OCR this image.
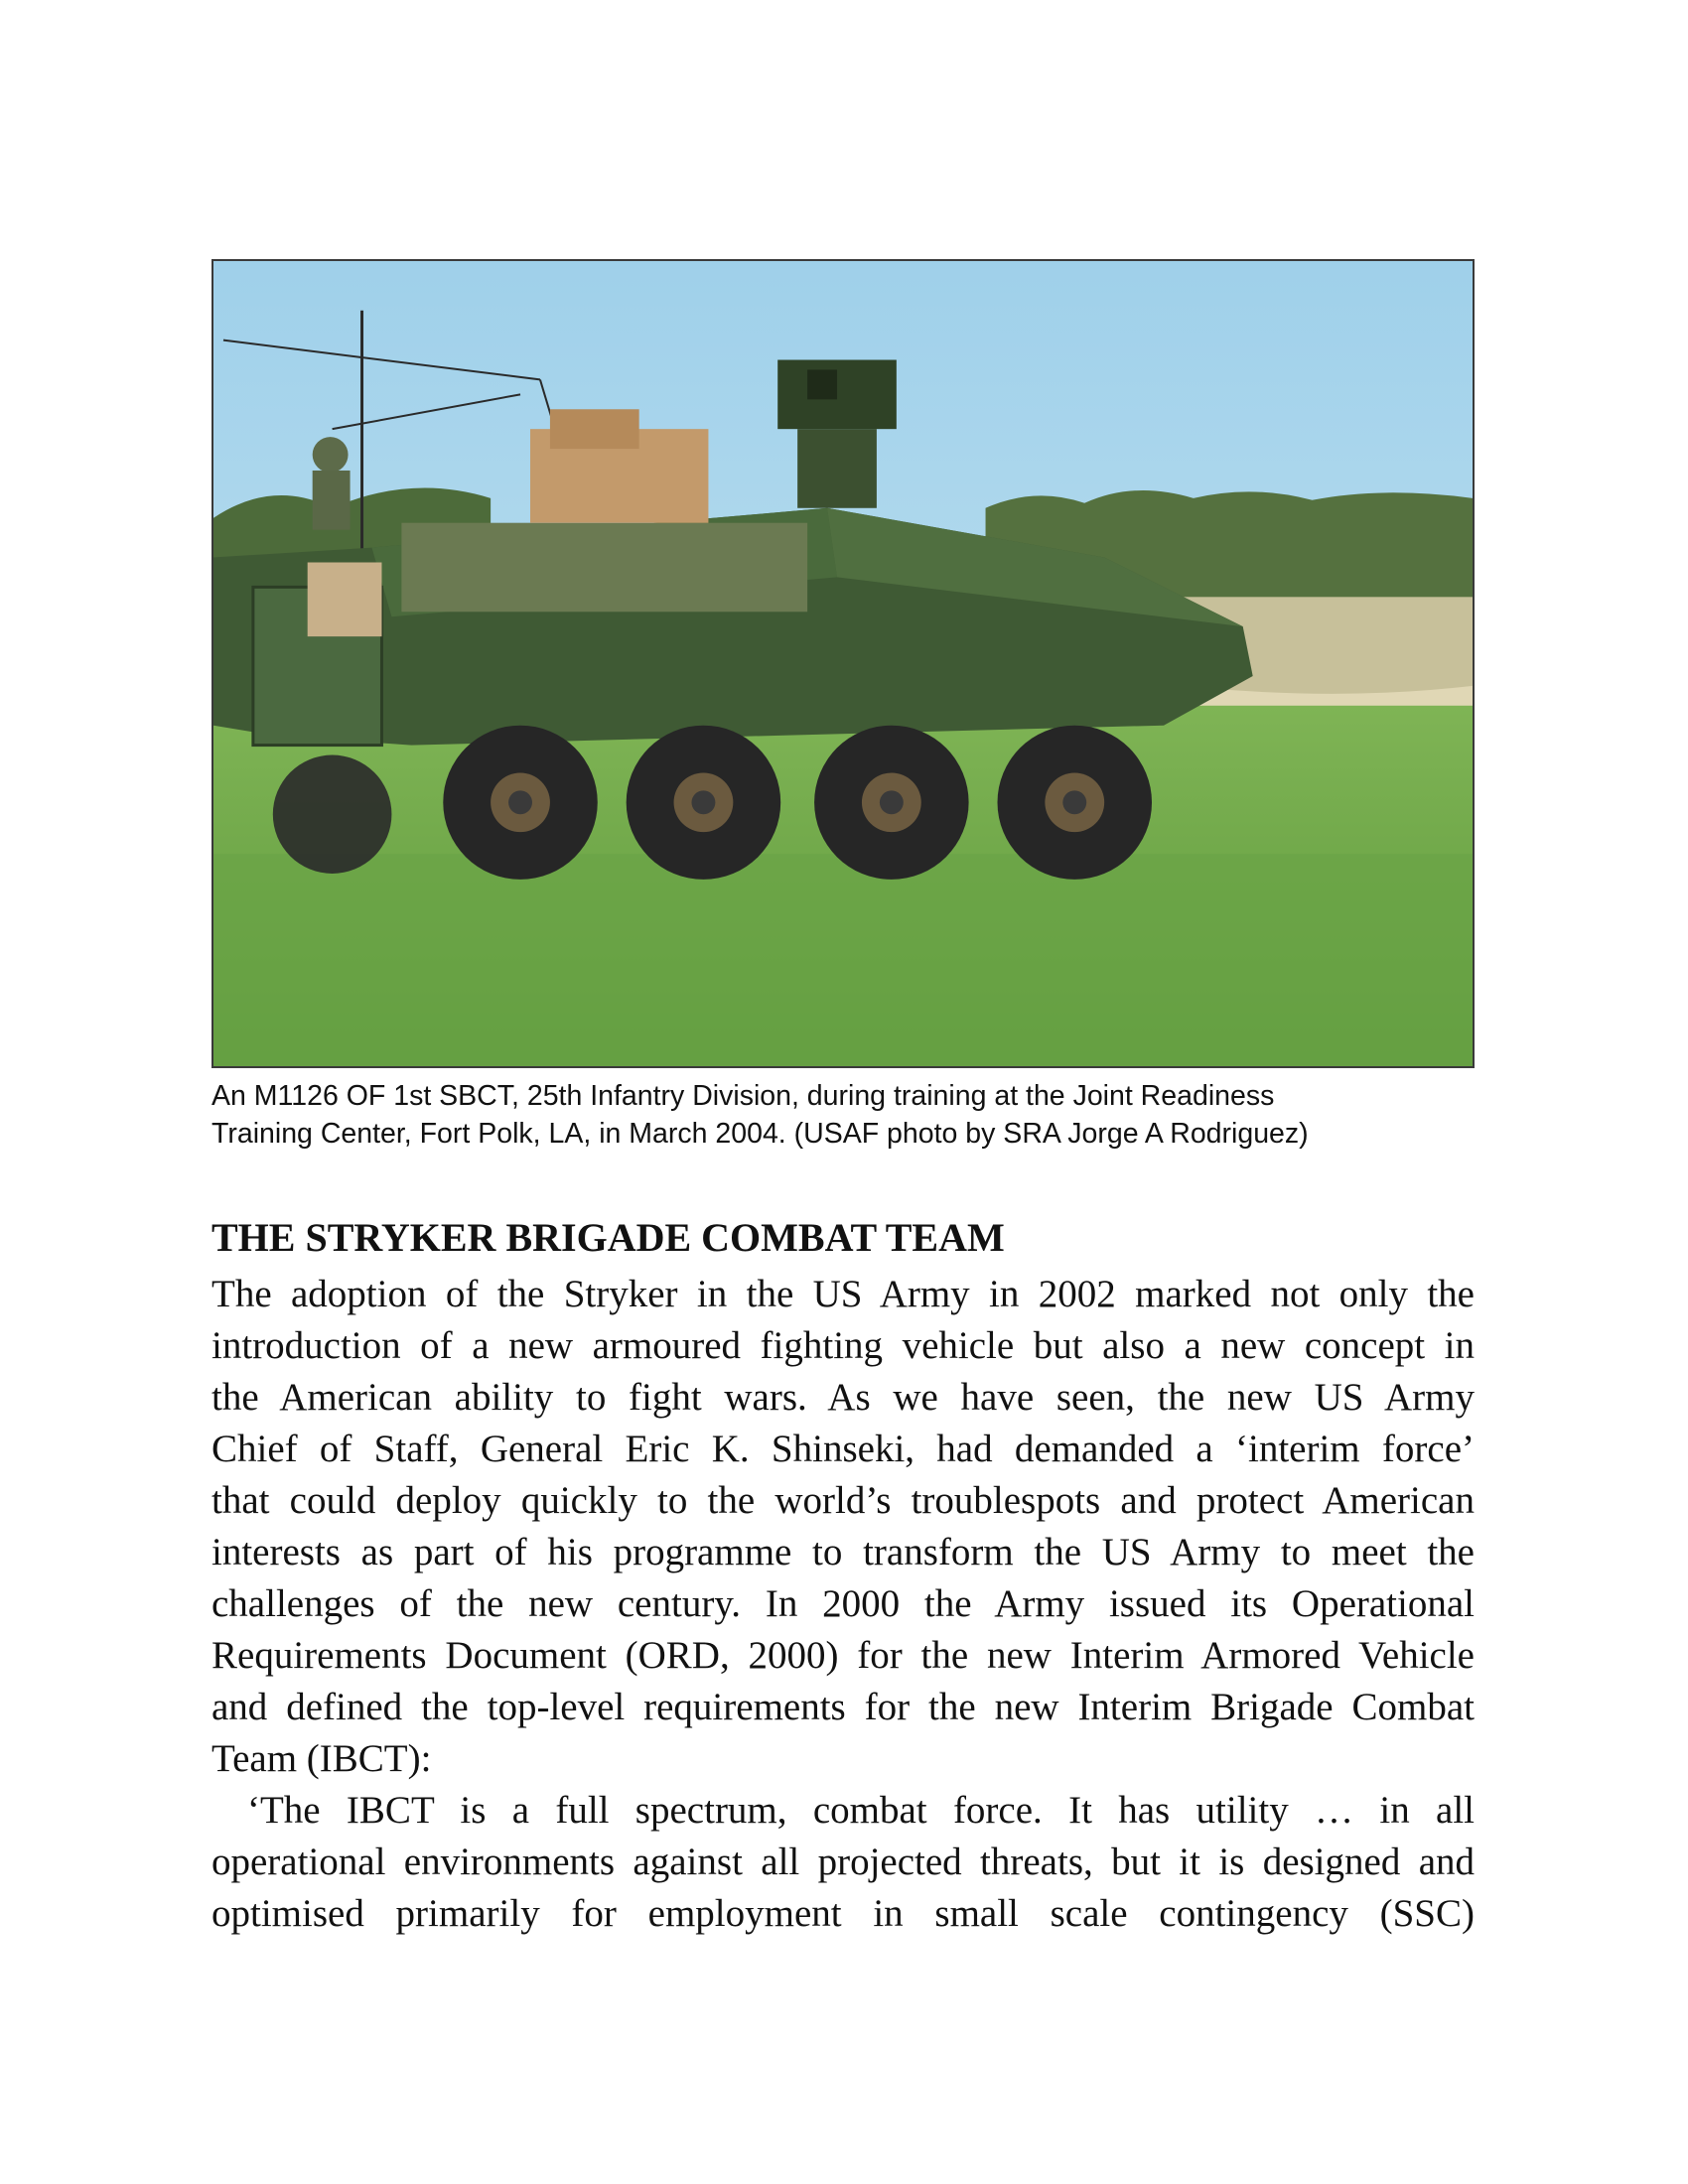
An M1126 OF 1st SBCT, 25th Infantry Division, during training at the Joint Readiness
Training Center, Fort Polk, LA, in March 2004. (USAF photo by SRA Jorge A Rodriguez)
THE STRYKER BRIGADE COMBAT TEAM
The adoption of the Stryker in the US Army in 2002 marked not only the
introduction of a new armoured fighting vehicle but also a new concept in
the American ability to fight wars. As we have seen, the new US Army
Chief of Staff, General Eric K. Shinseki, had demanded a ‘interim force’
that could deploy quickly to the world’s troublespots and protect American
interests as part of his programme to transform the US Army to meet the
challenges of the new century. In 2000 the Army issued its Operational
Requirements Document (ORD, 2000) for the new Interim Armored Vehicle
and defined the top-level requirements for the new Interim Brigade Combat
Team (IBCT):
‘The IBCT is a full spectrum, combat force. It has utility … in all
operational environments against all projected threats, but it is designed and
optimised primarily for employment in small scale contingency (SSC)
